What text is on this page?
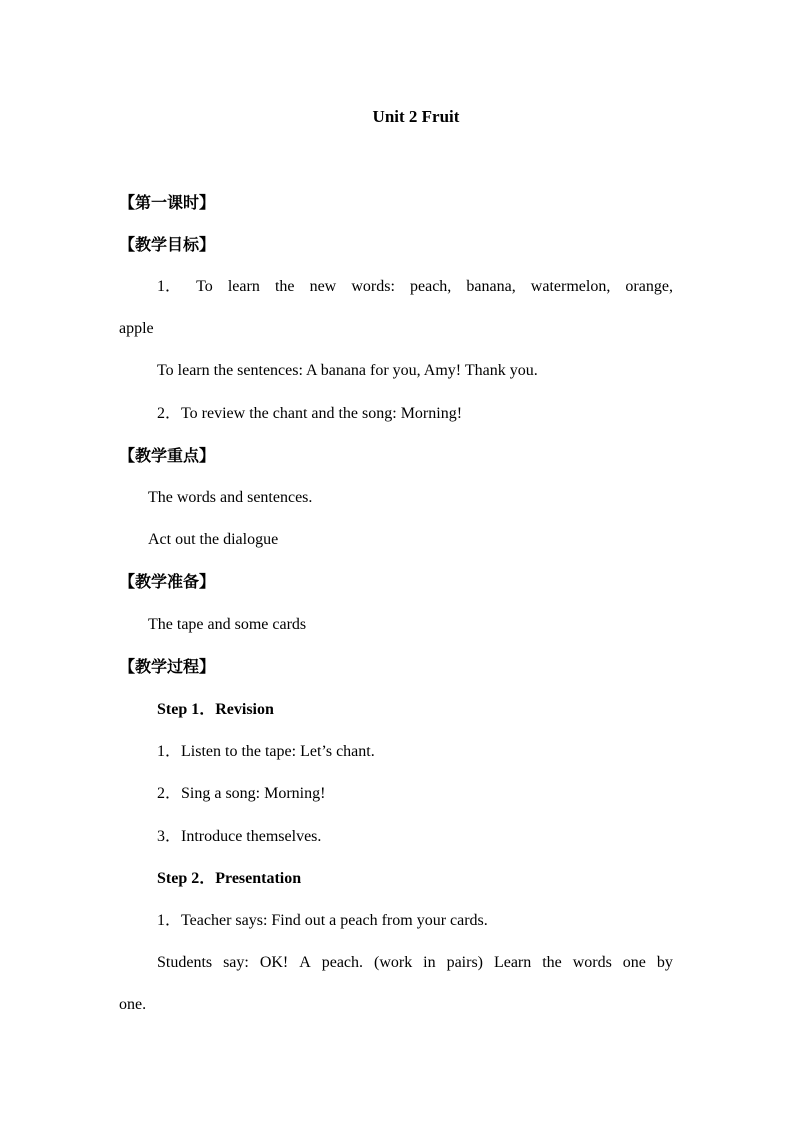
Unit 2 Fruit
【第一课时】
【教学目标】
1． To learn the new words: peach, banana, watermelon, orange,
apple
To learn the sentences: A banana for you, Amy! Thank you.
2．To review the chant and the song: Morning!
【教学重点】
The words and sentences.
Act out the dialogue
【教学准备】
The tape and some cards
【教学过程】
Step 1．Revision
1．Listen to the tape: Let’s chant.
2．Sing a song: Morning!
3．Introduce themselves.
Step 2．Presentation
1．Teacher says: Find out a peach from your cards.
Students say: OK! A peach. (work in pairs) Learn the words one by
one.
